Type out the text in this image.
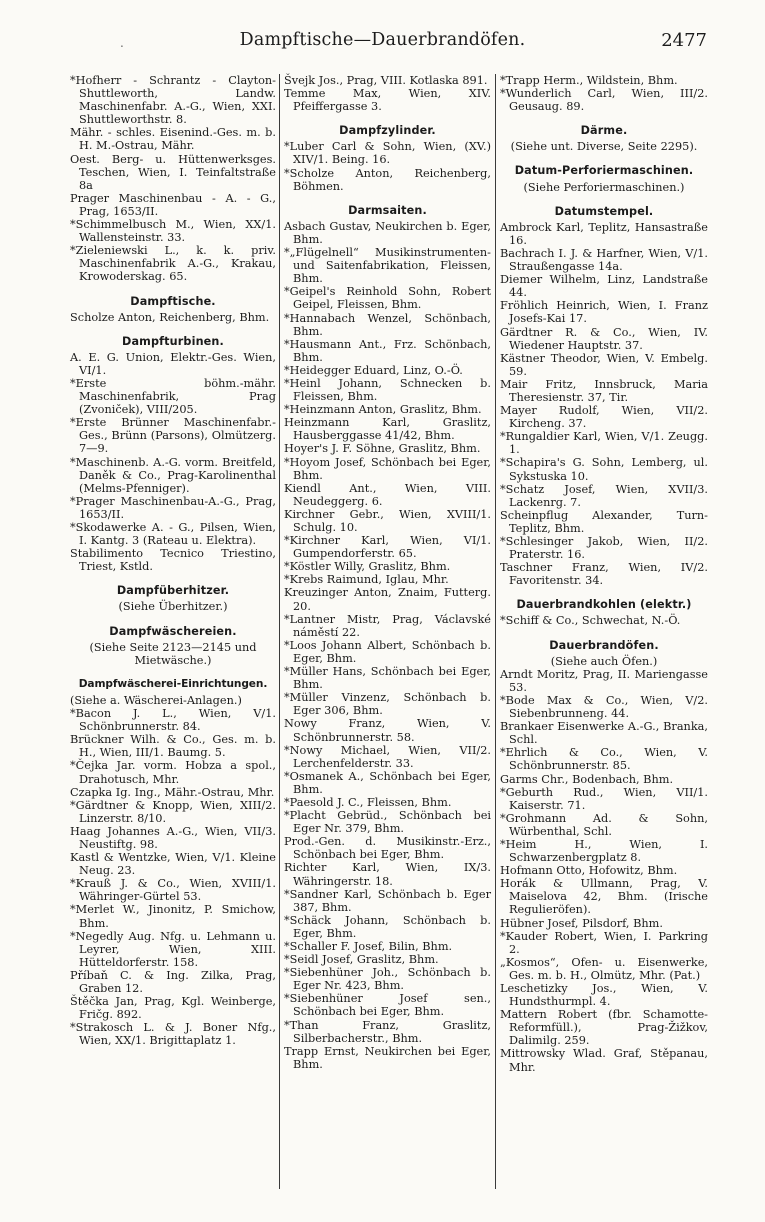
.	Dampftische—Dauerbrandöfen.	2477
*Hofherr - Schrantz - Clayton-Shuttleworth, Landw. Maschinenfabr. A.-G., Wien, XXI. Shuttleworthstr. 8.
Mähr. - schles. Eisenind.-Ges. m. b. H. M.-Ostrau, Mähr.
Oest. Berg- u. Hüttenwerksges. Teschen, Wien, I. Teinfaltstraße 8a
Prager Maschinenbau - A. - G., Prag, 1653/II.
*Schimmelbusch M., Wien, XX/1. Wallensteinstr. 33.
*Zieleniewski L., k. k. priv. Maschinenfabrik A.-G., Krakau, Krowoderskag. 65.
Dampftische.
Scholze Anton, Reichenberg, Bhm.
Dampfturbinen.
A. E. G. Union, Elektr.-Ges. Wien, VI/1.
*Erste böhm.-mähr. Maschinenfabrik, Prag (Zvoniček), VIII/205.
*Erste Brünner Maschinenfabr.-Ges., Brünn (Parsons), Olmützerg. 7—9.
*Maschinenb. A.-G. vorm. Breitfeld, Daněk & Co., Prag-Karolinenthal (Melms-Pfenniger).
*Prager Maschinenbau-A.-G., Prag, 1653/II.
*Skodawerke A. - G., Pilsen, Wien, I. Kantg. 3 (Rateau u. Elektra).
Stabilimento Tecnico Triestino, Triest, Kstld.
Dampfüberhitzer.
(Siehe Überhitzer.)
Dampfwäschereien.
(Siehe Seite 2123—2145 und Mietwäsche.)
Dampfwäscherei-Einrichtungen.
(Siehe a. Wäscherei-Anlagen.)
*Bacon J. L., Wien, V/1. Schönbrunnerstr. 84.
Brückner Wilh. & Co., Ges. m. b. H., Wien, III/1. Baumg. 5.
*Čejka Jar. vorm. Hobza a spol., Drahotusch, Mhr.
Czapka Ig. Ing., Mähr.-Ostrau, Mhr.
*Gärdtner & Knopp, Wien, XIII/2. Linzerstr. 8/10.
Haag Johannes A.-G., Wien, VII/3. Neustiftg. 98.
Kastl & Wentzke, Wien, V/1. Kleine Neug. 23.
*Krauß J. & Co., Wien, XVIII/1. Währinger-Gürtel 53.
*Merlet W., Jinonitz, P. Smichow, Bhm.
*Negedly Aug. Nfg. u. Lehmann u. Leyrer, Wien, XIII. Hütteldorferstr. 158.
Příbaň C. & Ing. Zilka, Prag, Graben 12.
Štěčka Jan, Prag, Kgl. Weinberge, Fričg. 892.
*Strakosch L. & J. Boner Nfg., Wien, XX/1. Brigittaplatz 1.
Švejk Jos., Prag, VIII. Kotlaska 891.
Temme Max, Wien, XIV. Pfeiffergasse 3.
Dampfzylinder.
*Luber Carl & Sohn, Wien, (XV.) XIV/1. Being. 16.
*Scholze Anton, Reichenberg, Böhmen.
Darmsaiten.
Asbach Gustav, Neukirchen b. Eger, Bhm.
*„Flügelnell“ Musikinstrumenten- und Saitenfabrikation, Fleissen, Bhm.
*Geipel's Reinhold Sohn, Robert Geipel, Fleissen, Bhm.
*Hannabach Wenzel, Schönbach, Bhm.
*Hausmann Ant., Frz. Schönbach, Bhm.
*Heidegger Eduard, Linz, O.-Ö.
*Heinl Johann, Schnecken b. Fleissen, Bhm.
*Heinzmann Anton, Graslitz, Bhm.
Heinzmann Karl, Graslitz, Hausberggasse 41/42, Bhm.
Hoyer's J. F. Söhne, Graslitz, Bhm.
*Hoyom Josef, Schönbach bei Eger, Bhm.
Kiendl Ant., Wien, VIII. Neudeggerg. 6.
Kirchner Gebr., Wien, XVIII/1. Schulg. 10.
*Kirchner Karl, Wien, VI/1. Gumpendorferstr. 65.
*Köstler Willy, Graslitz, Bhm.
*Krebs Raimund, Iglau, Mhr.
Kreuzinger Anton, Znaim, Futterg. 20.
*Lantner Mistr, Prag, Václavské náměstí 22.
*Loos Johann Albert, Schönbach b. Eger, Bhm.
*Müller Hans, Schönbach bei Eger, Bhm.
*Müller Vinzenz, Schönbach b. Eger 306, Bhm.
Nowy Franz, Wien, V. Schönbrunnerstr. 58.
*Nowy Michael, Wien, VII/2. Lerchenfelderstr. 33.
*Osmanek A., Schönbach bei Eger, Bhm.
*Paesold J. C., Fleissen, Bhm.
*Placht Gebrüd., Schönbach bei Eger Nr. 379, Bhm.
Prod.-Gen. d. Musikinstr.-Erz., Schönbach bei Eger, Bhm.
Richter Karl, Wien, IX/3. Währingerstr. 18.
*Sandner Karl, Schönbach b. Eger 387, Bhm.
*Schäck Johann, Schönbach b. Eger, Bhm.
*Schaller F. Josef, Bilin, Bhm.
*Seidl Josef, Graslitz, Bhm.
*Siebenhüner Joh., Schönbach b. Eger Nr. 423, Bhm.
*Siebenhüner Josef sen., Schönbach bei Eger, Bhm.
*Than Franz, Graslitz, Silberbacherstr., Bhm.
Trapp Ernst, Neukirchen bei Eger, Bhm.
*Trapp Herm., Wildstein, Bhm.
*Wunderlich Carl, Wien, III/2. Geusaug. 89.
Därme.
(Siehe unt. Diverse, Seite 2295).
Datum-Perforiermaschinen.
(Siehe Perforiermaschinen.)
Datumstempel.
Ambrock Karl, Teplitz, Hansastraße 16.
Bachrach I. J. & Harfner, Wien, V/1. Straußengasse 14a.
Diemer Wilhelm, Linz, Landstraße 44.
Fröhlich Heinrich, Wien, I. Franz Josefs-Kai 17.
Gärdtner R. & Co., Wien, IV. Wiedener Hauptstr. 37.
Kästner Theodor, Wien, V. Embelg. 59.
Mair Fritz, Innsbruck, Maria Theresienstr. 37, Tir.
Mayer Rudolf, Wien, VII/2. Kircheng. 37.
*Rungaldier Karl, Wien, V/1. Zeugg. 1.
*Schapira's G. Sohn, Lemberg, ul. Sykstuska 10.
*Schatz Josef, Wien, XVII/3. Lackenrg. 7.
Scheinpflug Alexander, Turn-Teplitz, Bhm.
*Schlesinger Jakob, Wien, II/2. Praterstr. 16.
Taschner Franz, Wien, IV/2. Favoritenstr. 34.
Dauerbrandkohlen (elektr.)
*Schiff & Co., Schwechat, N.-Ö.
Dauerbrandöfen.
(Siehe auch Öfen.)
Arndt Moritz, Prag, II. Mariengasse 53.
*Bode Max & Co., Wien, V/2. Siebenbrunneng. 44.
Brankaer Eisenwerke A.-G., Branka, Schl.
*Ehrlich & Co., Wien, V. Schönbrunnerstr. 85.
Garms Chr., Bodenbach, Bhm.
*Geburth Rud., Wien, VII/1. Kaiserstr. 71.
*Grohmann Ad. & Sohn, Würbenthal, Schl.
*Heim H., Wien, I. Schwarzenbergplatz 8.
Hofmann Otto, Hofowitz, Bhm.
Horák & Ullmann, Prag, V. Maiselova 42, Bhm. (Irische Regulieröfen).
Hübner Josef, Pilsdorf, Bhm.
*Kauder Robert, Wien, I. Parkring 2.
„Kosmos“, Ofen- u. Eisenwerke, Ges. m. b. H., Olmütz, Mhr. (Pat.)
Leschetizky Jos., Wien, V. Hundsthurmpl. 4.
Mattern Robert (fbr. Schamotte-Reformfüll.), Prag-Žižkov, Dalimilg. 259.
Mittrowsky Wlad. Graf, Stěpanau, Mhr.
